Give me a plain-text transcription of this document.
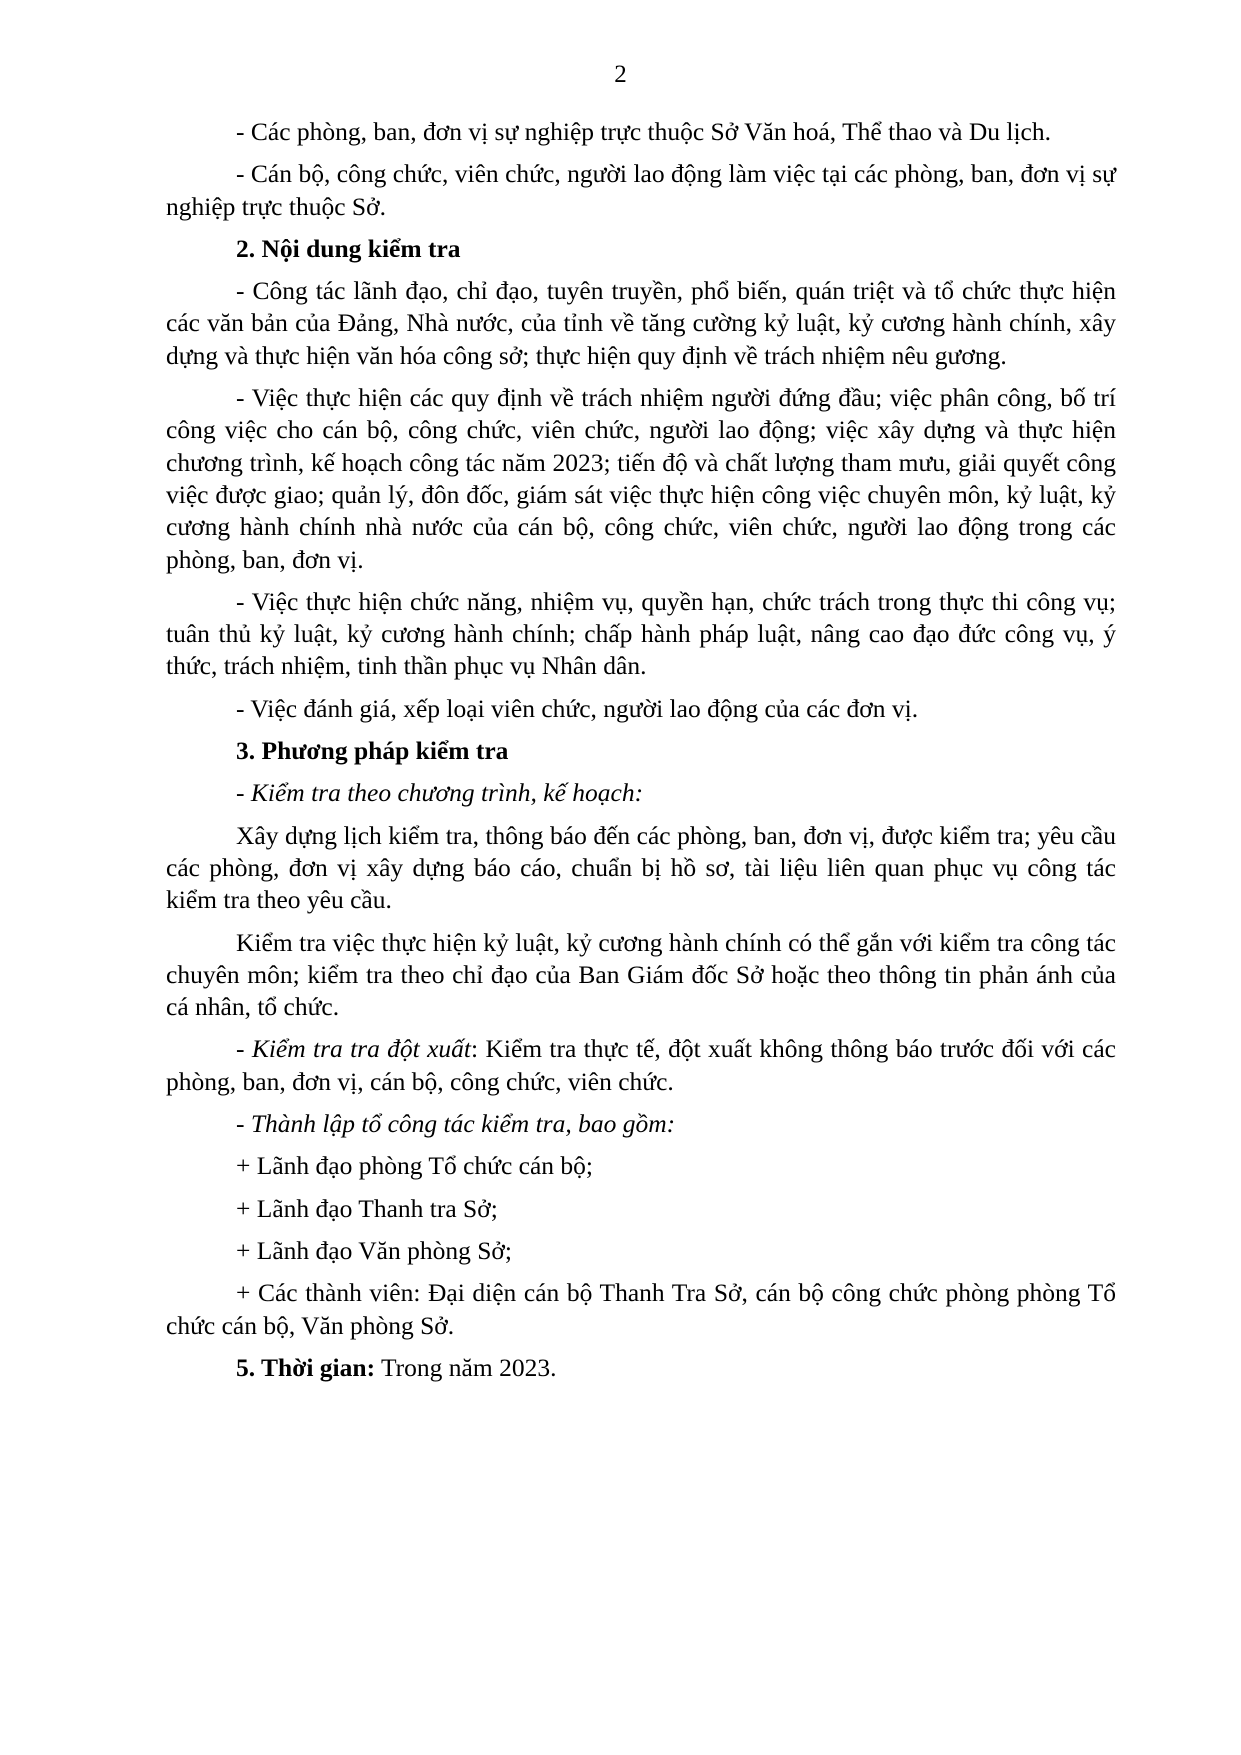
2

- Các phòng, ban, đơn vị sự nghiệp trực thuộc Sở Văn hoá, Thể thao và Du lịch.

- Cán bộ, công chức, viên chức, người lao động làm việc tại các phòng, ban, đơn vị sự nghiệp trực thuộc Sở.

2. Nội dung kiểm tra

- Công tác lãnh đạo, chỉ đạo, tuyên truyền, phổ biến, quán triệt và tổ chức thực hiện các văn bản của Đảng, Nhà nước, của tỉnh về tăng cường kỷ luật, kỷ cương hành chính, xây dựng và thực hiện văn hóa công sở; thực hiện quy định về trách nhiệm nêu gương.

- Việc thực hiện các quy định về trách nhiệm người đứng đầu; việc phân công, bố trí công việc cho cán bộ, công chức, viên chức, người lao động; việc xây dựng và thực hiện chương trình, kế hoạch công tác năm 2023; tiến độ và chất lượng tham mưu, giải quyết công việc được giao; quản lý, đôn đốc, giám sát việc thực hiện công việc chuyên môn, kỷ luật, kỷ cương hành chính nhà nước của cán bộ, công chức, viên chức, người lao động trong các phòng, ban, đơn vị.

- Việc thực hiện chức năng, nhiệm vụ, quyền hạn, chức trách trong thực thi công vụ; tuân thủ kỷ luật, kỷ cương hành chính; chấp hành pháp luật, nâng cao đạo đức công vụ, ý thức, trách nhiệm, tinh thần phục vụ Nhân dân.

- Việc đánh giá, xếp loại viên chức, người lao động của các đơn vị.

3. Phương pháp kiểm tra

- Kiểm tra theo chương trình, kế hoạch:

Xây dựng lịch kiểm tra, thông báo đến các phòng, ban, đơn vị, được kiểm tra; yêu cầu các phòng, đơn vị xây dựng báo cáo, chuẩn bị hồ sơ, tài liệu liên quan phục vụ công tác kiểm tra theo yêu cầu.

Kiểm tra việc thực hiện kỷ luật, kỷ cương hành chính có thể gắn với kiểm tra công tác chuyên môn; kiểm tra theo chỉ đạo của Ban Giám đốc Sở hoặc theo thông tin phản ánh của cá nhân, tổ chức.

- Kiểm tra tra đột xuất: Kiểm tra thực tế, đột xuất không thông báo trước đối với các phòng, ban, đơn vị, cán bộ, công chức, viên chức.

- Thành lập tổ công tác kiểm tra, bao gồm:

+ Lãnh đạo phòng Tổ chức cán bộ;

+ Lãnh đạo Thanh tra Sở;

+ Lãnh đạo Văn phòng Sở;

+ Các thành viên: Đại diện cán bộ Thanh Tra Sở, cán bộ công chức phòng phòng Tổ chức cán bộ, Văn phòng Sở.

5. Thời gian: Trong năm 2023.
